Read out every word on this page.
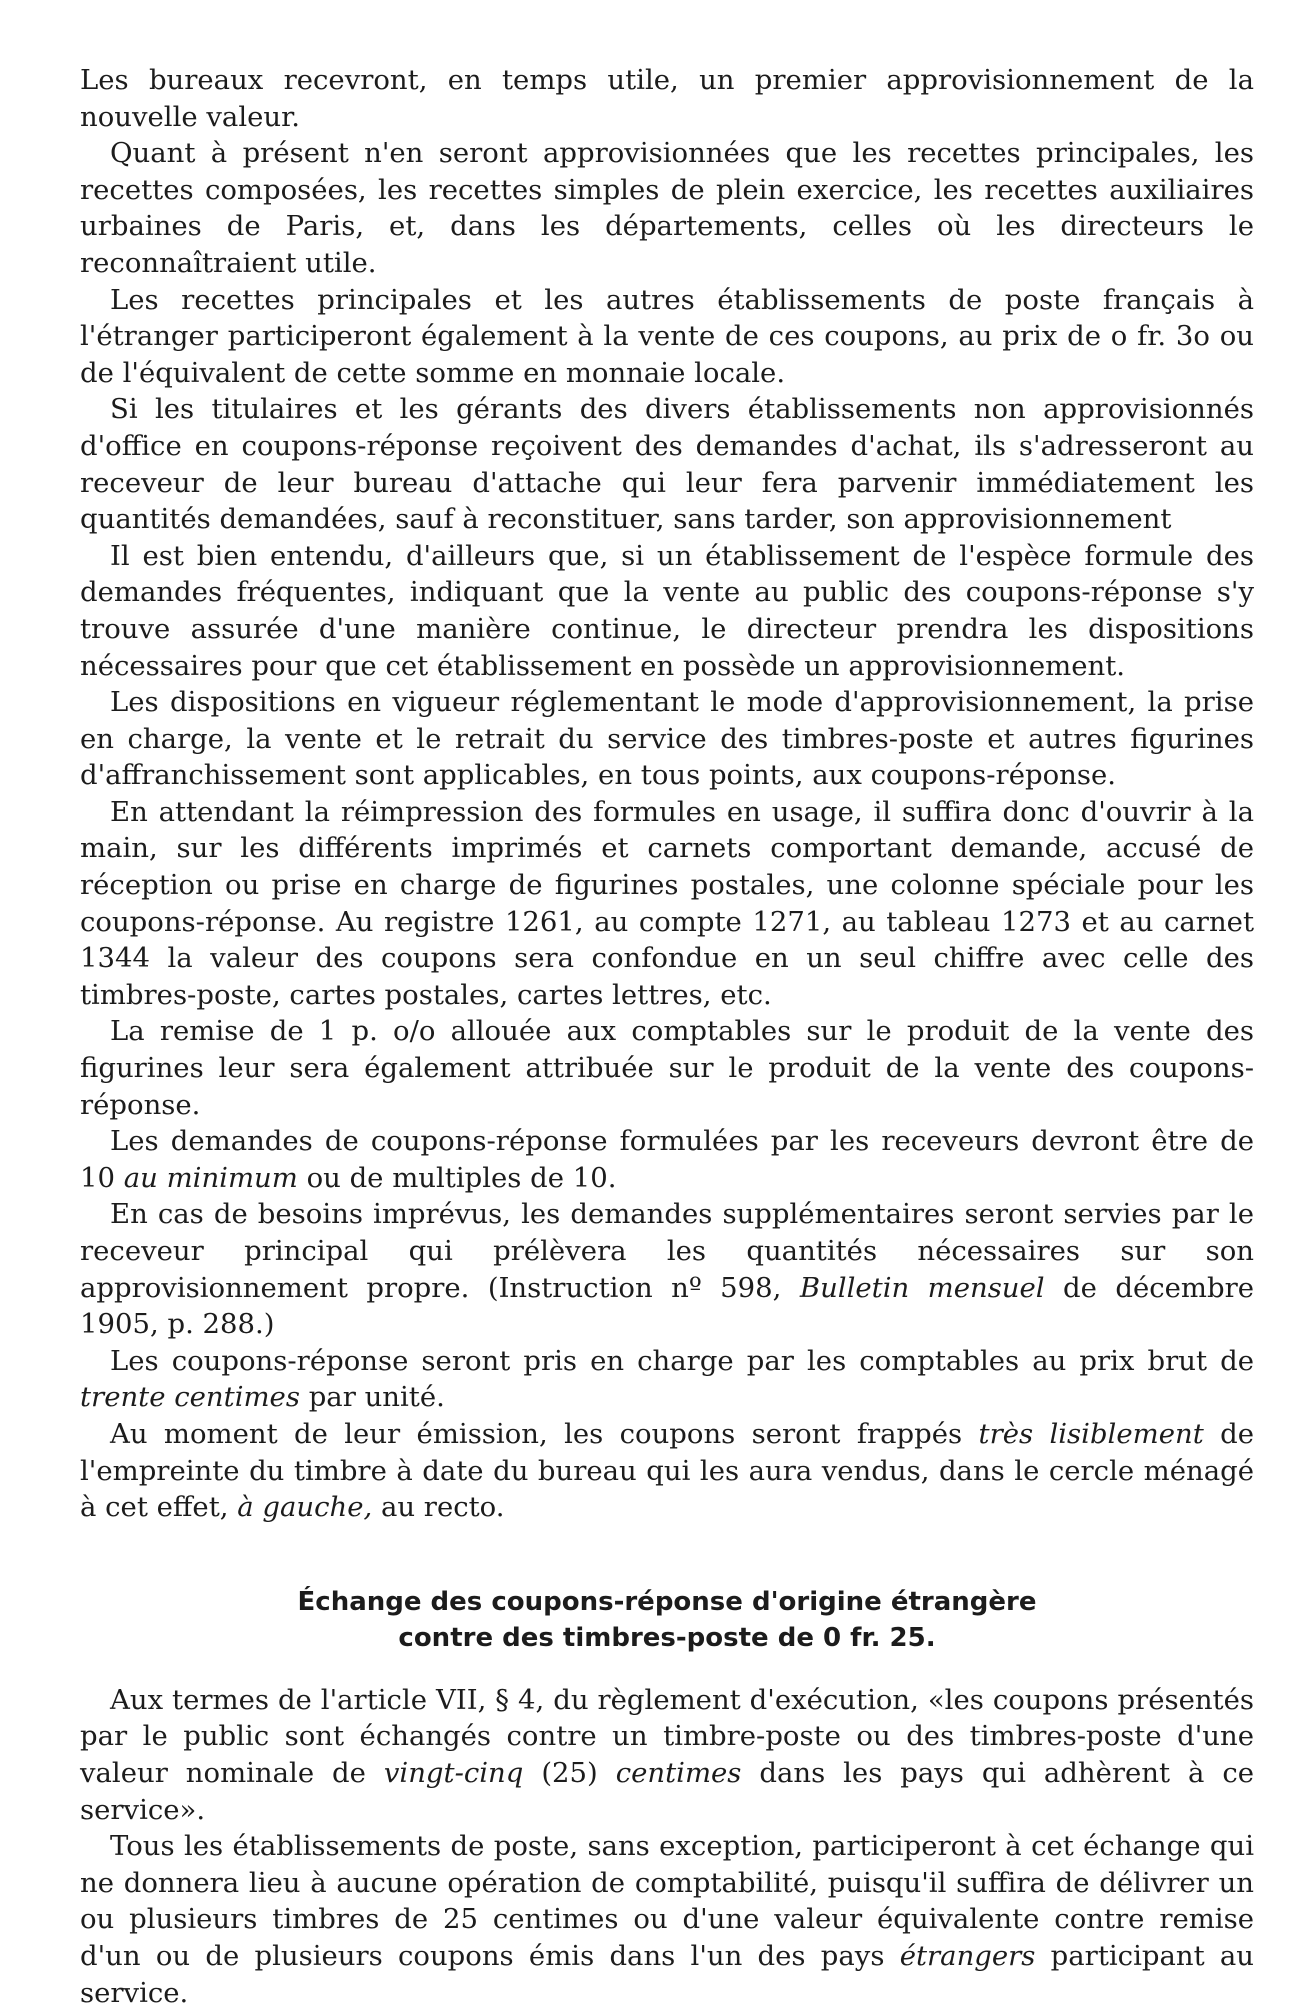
Les bureaux recevront, en temps utile, un premier approvisionnement de la nouvelle valeur.

Quant à présent n'en seront approvisionnées que les recettes principales, les recettes composées, les recettes simples de plein exercice, les recettes auxiliaires urbaines de Paris, et, dans les départements, celles où les directeurs le reconnaîtraient utile.

Les recettes principales et les autres établissements de poste français à l'étranger participeront également à la vente de ces coupons, au prix de o fr. 3o ou de l'équivalent de cette somme en monnaie locale.

Si les titulaires et les gérants des divers établissements non approvisionnés d'office en coupons-réponse reçoivent des demandes d'achat, ils s'adresseront au receveur de leur bureau d'attache qui leur fera parvenir immédiatement les quantités demandées, sauf à reconstituer, sans tarder, son approvisionnement

Il est bien entendu, d'ailleurs que, si un établissement de l'espèce formule des demandes fréquentes, indiquant que la vente au public des coupons-réponse s'y trouve assurée d'une manière continue, le directeur prendra les dispositions nécessaires pour que cet établissement en possède un approvisionnement.

Les dispositions en vigueur réglementant le mode d'approvisionnement, la prise en charge, la vente et le retrait du service des timbres-poste et autres figurines d'affranchissement sont applicables, en tous points, aux coupons-réponse.

En attendant la réimpression des formules en usage, il suffira donc d'ouvrir à la main, sur les différents imprimés et carnets comportant demande, accusé de réception ou prise en charge de figurines postales, une colonne spéciale pour les coupons-réponse. Au registre 1261, au compte 1271, au tableau 1273 et au carnet 1344 la valeur des coupons sera confondue en un seul chiffre avec celle des timbres-poste, cartes postales, cartes lettres, etc.

La remise de 1 p. o/o allouée aux comptables sur le produit de la vente des figurines leur sera également attribuée sur le produit de la vente des coupons-réponse.

Les demandes de coupons-réponse formulées par les receveurs devront être de 10 au minimum ou de multiples de 10.

En cas de besoins imprévus, les demandes supplémentaires seront servies par le receveur principal qui prélèvera les quantités nécessaires sur son approvisionnement propre. (Instruction nº 598, Bulletin mensuel de décembre 1905, p. 288.)

Les coupons-réponse seront pris en charge par les comptables au prix brut de trente centimes par unité.

Au moment de leur émission, les coupons seront frappés très lisiblement de l'empreinte du timbre à date du bureau qui les aura vendus, dans le cercle ménagé à cet effet, à gauche, au recto.

Échange des coupons-réponse d'origine étrangère
contre des timbres-poste de 0 fr. 25.

Aux termes de l'article VII, § 4, du règlement d'exécution, «les coupons présentés par le public sont échangés contre un timbre-poste ou des timbres-poste d'une valeur nominale de vingt-cinq (25) centimes dans les pays qui adhèrent à ce service».

Tous les établissements de poste, sans exception, participeront à cet échange qui ne donnera lieu à aucune opération de comptabilité, puisqu'il suffira de délivrer un ou plusieurs timbres de 25 centimes ou d'une valeur équivalente contre remise d'un ou de plusieurs coupons émis dans l'un des pays étrangers participant au service.
